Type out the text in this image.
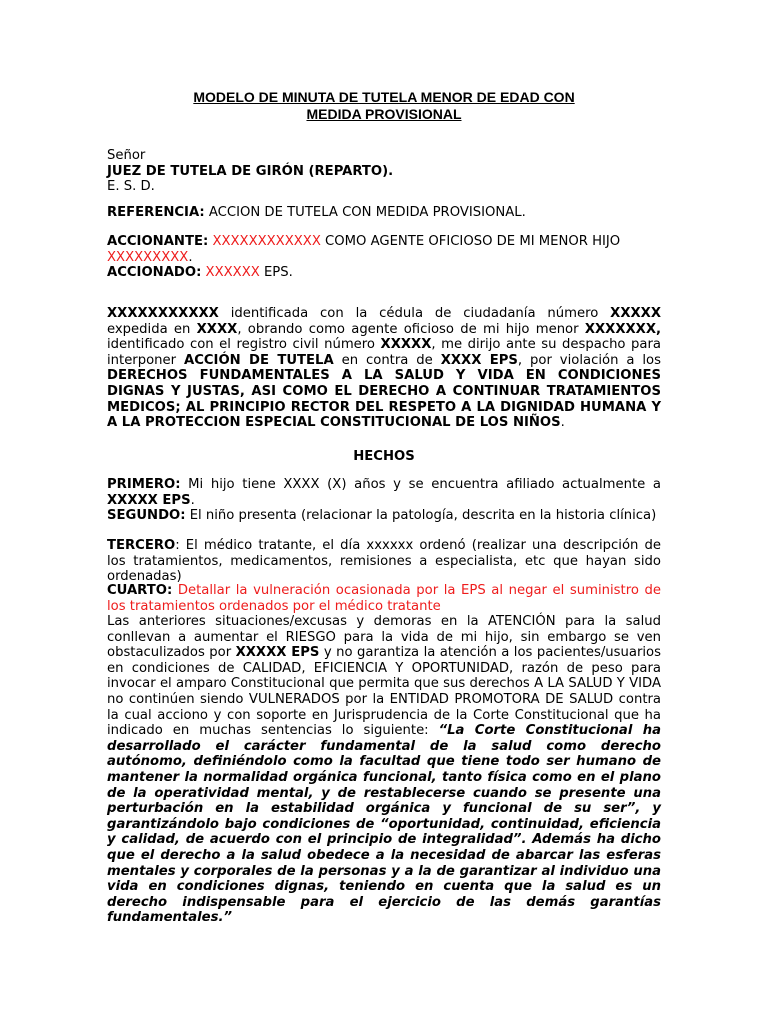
MODELO DE MINUTA DE TUTELA MENOR DE EDAD CON
MEDIDA PROVISIONAL
Señor
JUEZ DE TUTELA DE GIRÓN (REPARTO).
E. S. D.
REFERENCIA: ACCION DE TUTELA CON MEDIDA PROVISIONAL.
ACCIONANTE: XXXXXXXXXXXX COMO AGENTE OFICIOSO DE MI MENOR HIJO XXXXXXXXX.
ACCIONADO: XXXXXX EPS.

XXXXXXXXXXX identificada con la cédula de ciudadanía número XXXXX expedida en XXXX, obrando como agente oficioso de mi hijo menor XXXXXXX, identificado con el registro civil número XXXXX, me dirijo ante su despacho para interponer ACCIÓN DE TUTELA en contra de XXXX EPS, por violación a los DERECHOS FUNDAMENTALES A LA SALUD Y VIDA EN CONDICIONES DIGNAS Y JUSTAS, ASI COMO EL DERECHO A CONTINUAR TRATAMIENTOS MEDICOS; AL PRINCIPIO RECTOR DEL RESPETO A LA DIGNIDAD HUMANA Y A LA PROTECCION ESPECIAL CONSTITUCIONAL DE LOS NIÑOS.

HECHOS

PRIMERO: Mi hijo tiene XXXX (X) años y se encuentra afiliado actualmente a XXXXX EPS.

SEGUNDO: El niño presenta (relacionar la patología, descrita en la historia clínica)

TERCERO: El médico tratante, el día xxxxxx ordenó (realizar una descripción de los tratamientos, medicamentos, remisiones a especialista, etc que hayan sido ordenadas)

CUARTO: Detallar la vulneración ocasionada por la EPS al negar el suministro de los tratamientos ordenados por el médico tratante

Las anteriores situaciones/excusas y demoras en la ATENCIÓN para la salud conllevan a aumentar el RIESGO para la vida de mi hijo, sin embargo se ven obstaculizados por XXXXX EPS y no garantiza la atención a los pacientes/usuarios en condiciones de CALIDAD, EFICIENCIA Y OPORTUNIDAD, razón de peso para invocar el amparo Constitucional que permita que sus derechos A LA SALUD Y VIDA no continúen siendo VULNERADOS por la ENTIDAD PROMOTORA DE SALUD contra la cual acciono y con soporte en Jurisprudencia de la Corte Constitucional que ha indicado en muchas sentencias lo siguiente: “La Corte Constitucional ha desarrollado el carácter fundamental de la salud como derecho autónomo, definiéndolo como la facultad que tiene todo ser humano de mantener la normalidad orgánica funcional, tanto física como en el plano de la operatividad mental, y de restablecerse cuando se presente una perturbación en la estabilidad orgánica y funcional de su ser”, y garantizándolo bajo condiciones de “oportunidad, continuidad, eficiencia y calidad, de acuerdo con el principio de integralidad”. Además ha dicho que el derecho a la salud obedece a la necesidad de abarcar las esferas mentales y corporales de la personas y a la de garantizar al individuo una vida en condiciones dignas, teniendo en cuenta que la salud es un derecho indispensable para el ejercicio de las demás garantías fundamentales.”
